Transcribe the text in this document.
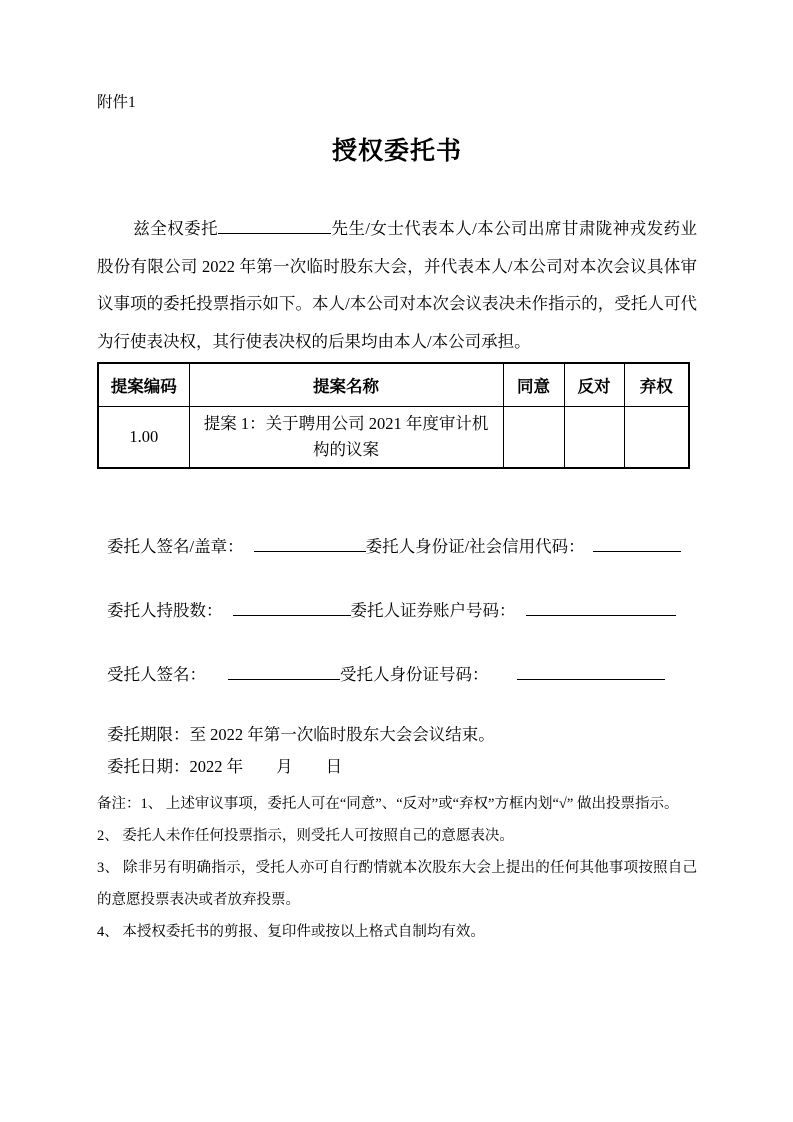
附件1
授权委托书

兹全权委托	先生/女士代表本人/本公司出席甘肃陇神戎发药业股份有限公司 2022 年第一次临时股东大会，并代表本人/本公司对本次会议具体审议事项的委托投票指示如下。本人/本公司对本次会议表决未作指示的，受托人可代为行使表决权，其行使表决权的后果均由本人/本公司承担。

提案编码	提案名称	同意	反对	弃权
1.00	提案 1：关于聘用公司 2021 年度审计机构的议案			
委托人签名/盖章：	委托人身份证/社会信用代码：
委托人持股数：	委托人证券账户号码：
受托人签名：	受托人身份证号码：

委托期限：至 2022 年第一次临时股东大会会议结束。

委托日期：2022 年　　月　　日

备注：1、 上述审议事项，委托人可在“同意”、“反对”或“弃权”方框内划“√” 做出投票指示。

2、 委托人未作任何投票指示，则受托人可按照自己的意愿表决。

3、 除非另有明确指示，受托人亦可自行酌情就本次股东大会上提出的任何其他事项按照自己的意愿投票表决或者放弃投票。

4、 本授权委托书的剪报、复印件或按以上格式自制均有效。
